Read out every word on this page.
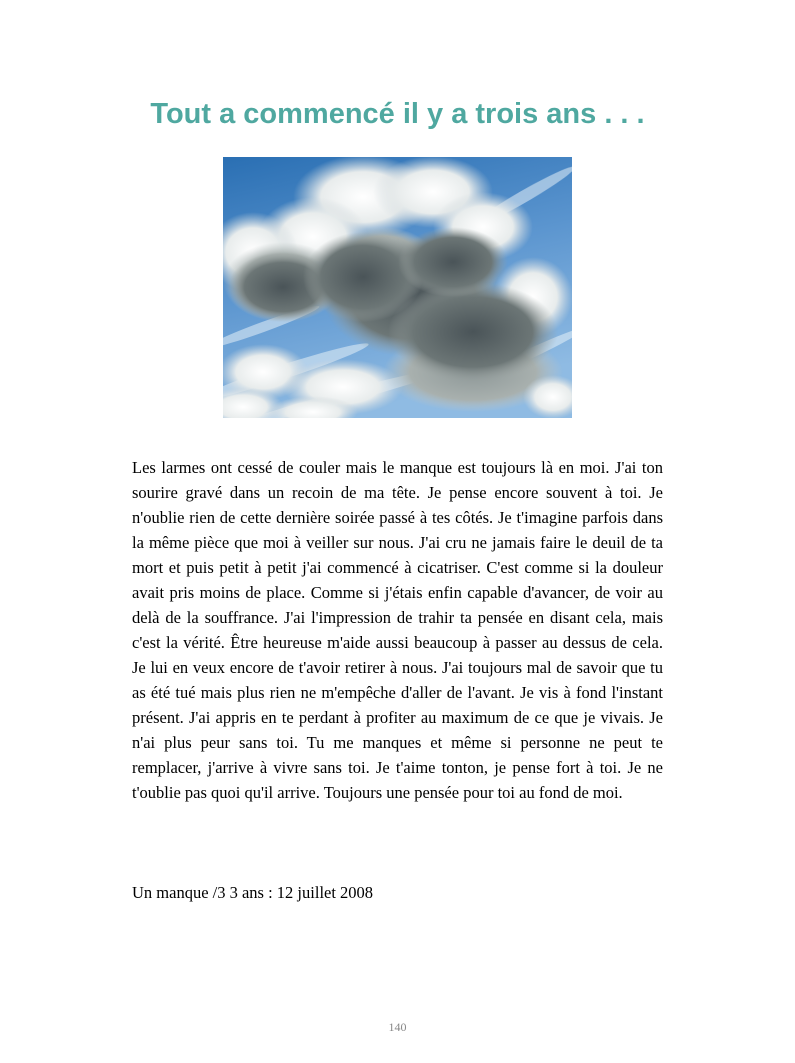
Tout a commencé il y a trois ans . . .

Les larmes ont cessé de couler mais le manque est toujours là en moi. J'ai ton sourire gravé dans un recoin de ma tête. Je pense encore souvent à toi. Je n'oublie rien de cette dernière soirée passé à tes côtés. Je t'imagine parfois dans la même pièce que moi à veiller sur nous. J'ai cru ne jamais faire le deuil de ta mort et puis petit à petit j'ai commencé à cicatriser. C'est comme si la douleur avait pris moins de place. Comme si j'étais enfin capable d'avancer, de voir au delà de la souffrance. J'ai l'impression de trahir ta pensée en disant cela, mais c'est la vérité. Être heureuse m'aide aussi beaucoup à passer au dessus de cela. Je lui en veux encore de t'avoir retirer à nous. J'ai toujours mal de savoir que tu as été tué mais plus rien ne m'empêche d'aller de l'avant. Je vis à fond l'instant présent. J'ai appris en te perdant à profiter au maximum de ce que je vivais. Je n'ai plus peur sans toi. Tu me manques et même si personne ne peut te remplacer, j'arrive à vivre sans toi. Je t'aime tonton, je pense fort à toi. Je ne t'oublie pas quoi qu'il arrive. Toujours une pensée pour toi au fond de moi.

Un manque /3 3 ans : 12 juillet 2008

140
